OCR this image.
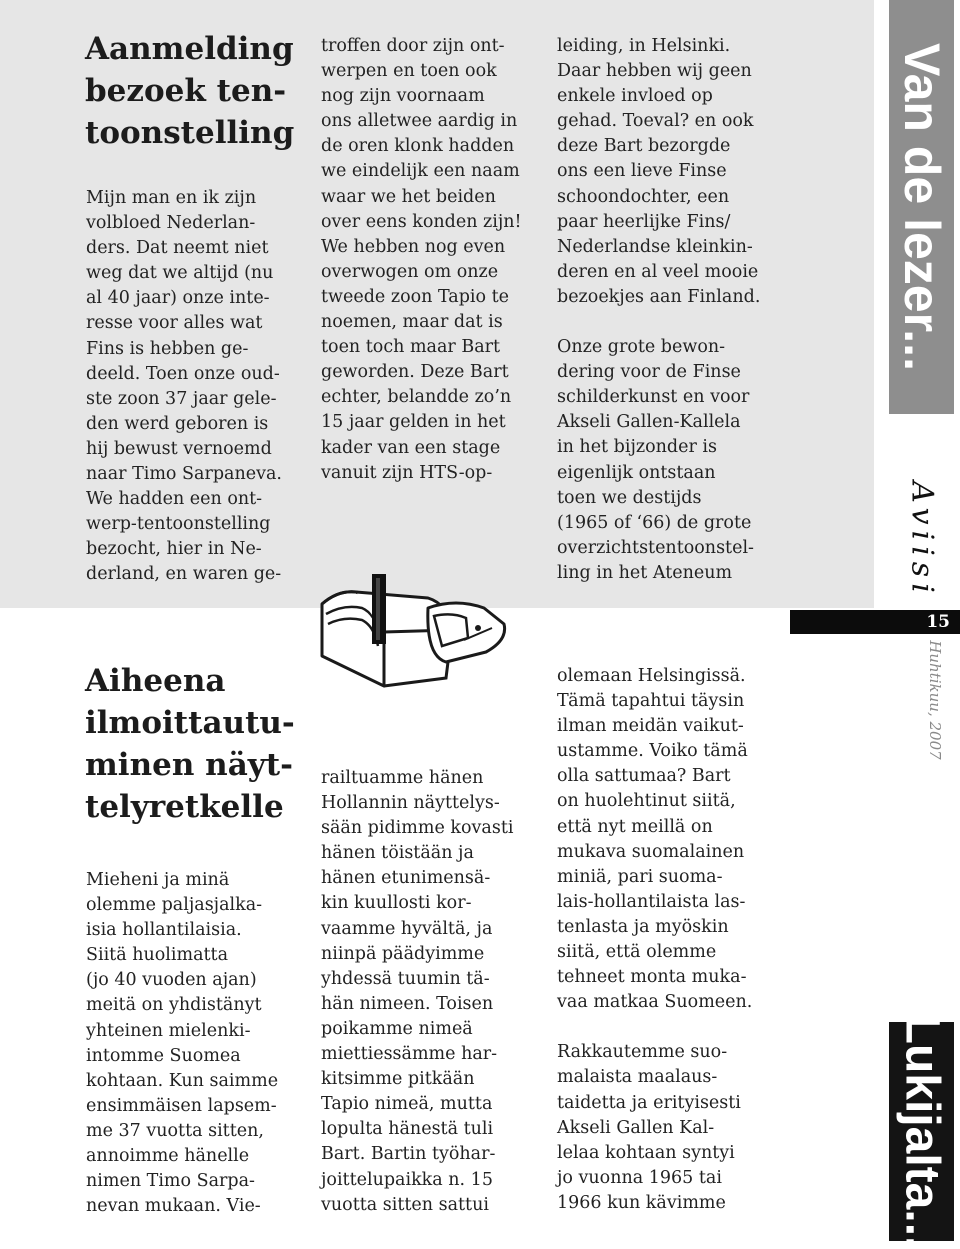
Aanmelding
bezoek ten-
toonstelling

Mijn man en ik zijn
volbloed Nederlan-
ders. Dat neemt niet
weg dat we altijd (nu
al 40 jaar) onze inte-
resse voor alles wat
Fins is hebben ge-
deeld. Toen onze oud-
ste zoon 37 jaar gele-
den werd geboren is
hij bewust vernoemd
naar Timo Sarpaneva.
We hadden een ont-
werp-tentoonstelling
bezocht, hier in Ne-
derland, en waren ge-

troffen door zijn ont-
werpen en toen ook
nog zijn voornaam
ons alletwee aardig in
de oren klonk hadden
we eindelijk een naam
waar we het beiden
over eens konden zijn!
We hebben nog even
overwogen om onze
tweede zoon Tapio te
noemen, maar dat is
toen toch maar Bart
geworden. Deze Bart
echter, belandde zo’n
15 jaar gelden in het
kader van een stage
vanuit zijn HTS-op-

leiding, in Helsinki.
Daar hebben wij geen
enkele invloed op
gehad. Toeval? en ook
deze Bart bezorgde
ons een lieve Finse
schoondochter, een
paar heerlijke Fins/
Nederlandse kleinkin-
deren en al veel mooie
bezoekjes aan Finland.

Onze grote bewon-
dering voor de Finse
schilderkunst en voor
Akseli Gallen-Kallela
in het bijzonder is
eigenlijk ontstaan
toen we destijds
(1965 of ‘66) de grote
overzichtstentoonstel-
ling in het Ateneum

Aiheena
ilmoittautu-
minen näyt-
telyretkelle

Mieheni ja minä
olemme paljasjalka-
isia hollantilaisia.
Siitä huolimatta
(jo 40 vuoden ajan)
meitä on yhdistänyt
yhteinen mielenki-
intomme Suomea
kohtaan. Kun saimme
ensimmäisen lapsem-
me 37 vuotta sitten,
annoimme hänelle
nimen Timo Sarpa-
nevan mukaan. Vie-

railtuamme hänen
Hollannin näyttelys-
sään pidimme kovasti
hänen töistään ja
hänen etunimensä-
kin kuullosti kor-
vaamme hyvältä, ja
niinpä päädyimme
yhdessä tuumin tä-
hän nimeen. Toisen
poikamme nimeä
miettiessämme har-
kitsimme pitkään
Tapio nimeä, mutta
lopulta hänestä tuli
Bart. Bartin työhar-
joittelupaikka n. 15
vuotta sitten sattui

olemaan Helsingissä.
Tämä tapahtui täysin
ilman meidän vaikut-
ustamme. Voiko tämä
olla sattumaa? Bart
on huolehtinut siitä,
että nyt meillä on
mukava suomalainen
miniä, pari suoma-
lais-hollantilaista las-
tenlasta ja myöskin
siitä, että olemme
tehneet monta muka-
vaa matkaa Suomeen.

Rakkautemme suo-
malaista maalaus-
taidetta ja erityisesti
Akseli Gallen Kal-
lelaa kohtaan syntyi
jo vuonna 1965 tai
1966 kun kävimme

Van de lezer...
Aviisi
15
Huhtikuu, 2007
Lukijalta...
